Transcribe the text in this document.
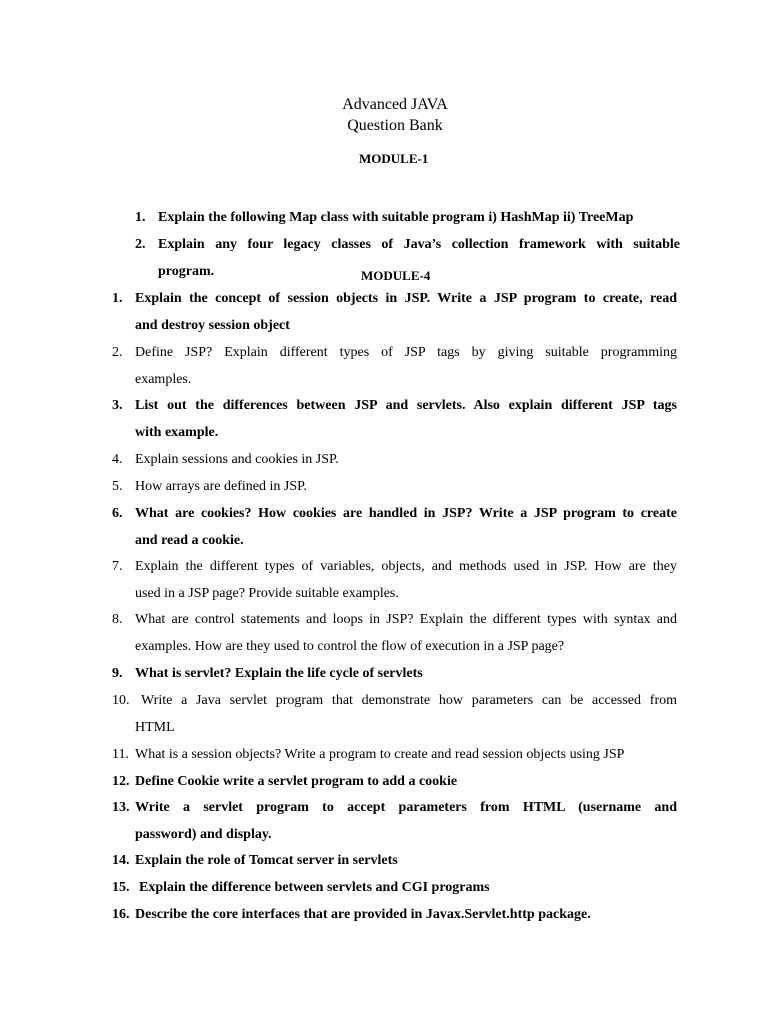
Advanced JAVA
Question Bank
MODULE-1
1. Explain the following Map class with suitable program i) HashMap ii) TreeMap
2. Explain any four legacy classes of Java’s collection framework with suitable
program.	MODULE-4
1. Explain the concept of session objects in JSP. Write a JSP program to create, read
and destroy session object
2. Define JSP? Explain different types of JSP tags by giving suitable programming
examples.
3. List out the differences between JSP and servlets. Also explain different JSP tags
with example.
4. Explain sessions and cookies in JSP.
5. How arrays are defined in JSP.
6. What are cookies? How cookies are handled in JSP? Write a JSP program to create
and read a cookie.
7. Explain the different types of variables, objects, and methods used in JSP. How are they
used in a JSP page? Provide suitable examples.
8. What are control statements and loops in JSP? Explain the different types with syntax and
examples. How are they used to control the flow of execution in a JSP page?
9. What is servlet? Explain the life cycle of servlets
10. Write a Java servlet program that demonstrate how parameters can be accessed from
HTML
11. What is a session objects? Write a program to create and read session objects using JSP
12. Define Cookie write a servlet program to add a cookie
13. Write a servlet program to accept parameters from HTML (username and
password) and display.
14. Explain the role of Tomcat server in servlets
15. Explain the difference between servlets and CGI programs
16. Describe the core interfaces that are provided in Javax.Servlet.http package.
